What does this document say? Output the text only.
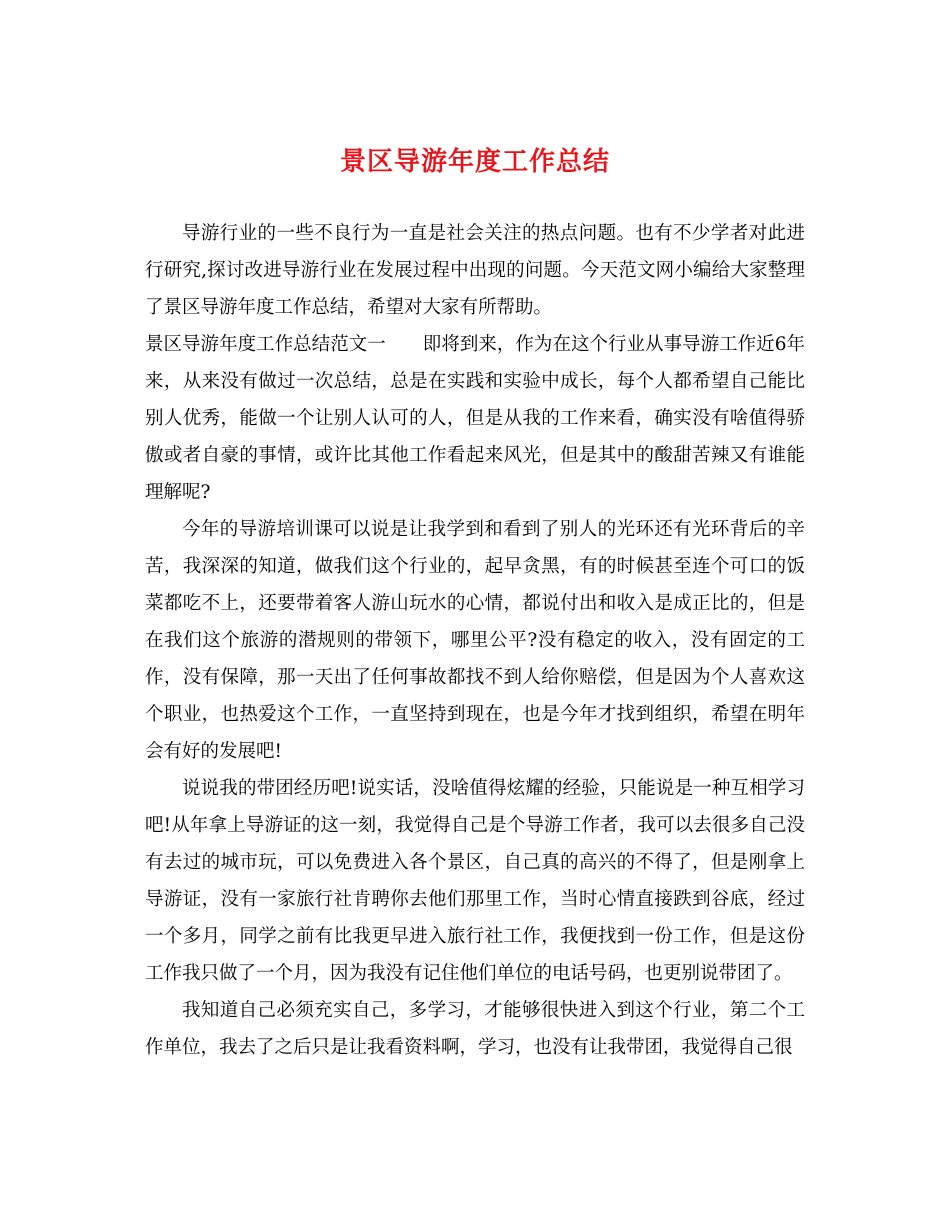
景区导游年度工作总结

导游行业的一些不良行为一直是社会关注的热点问题。也有不少学者对此进行研究,探讨改进导游行业在发展过程中出现的问题。今天范文网小编给大家整理了景区导游年度工作总结，希望对大家有所帮助。

景区导游年度工作总结范文一　　即将到来，作为在这个行业从事导游工作近6年来，从来没有做过一次总结，总是在实践和实验中成长，每个人都希望自己能比别人优秀，能做一个让别人认可的人，但是从我的工作来看，确实没有啥值得骄傲或者自豪的事情，或许比其他工作看起来风光，但是其中的酸甜苦辣又有谁能理解呢?

今年的导游培训课可以说是让我学到和看到了别人的光环还有光环背后的辛苦，我深深的知道，做我们这个行业的，起早贪黑，有的时候甚至连个可口的饭菜都吃不上，还要带着客人游山玩水的心情，都说付出和收入是成正比的，但是在我们这个旅游的潜规则的带领下，哪里公平?没有稳定的收入，没有固定的工作，没有保障，那一天出了任何事故都找不到人给你赔偿，但是因为个人喜欢这个职业，也热爱这个工作，一直坚持到现在，也是今年才找到组织，希望在明年会有好的发展吧!

说说我的带团经历吧!说实话，没啥值得炫耀的经验，只能说是一种互相学习吧!从年拿上导游证的这一刻，我觉得自己是个导游工作者，我可以去很多自己没有去过的城市玩，可以免费进入各个景区，自己真的高兴的不得了，但是刚拿上导游证，没有一家旅行社肯聘你去他们那里工作，当时心情直接跌到谷底，经过一个多月，同学之前有比我更早进入旅行社工作，我便找到一份工作，但是这份工作我只做了一个月，因为我没有记住他们单位的电话号码，也更别说带团了。

我知道自己必须充实自己，多学习，才能够很快进入到这个行业，第二个工作单位，我去了之后只是让我看资料啊，学习，也没有让我带团，我觉得自己很
